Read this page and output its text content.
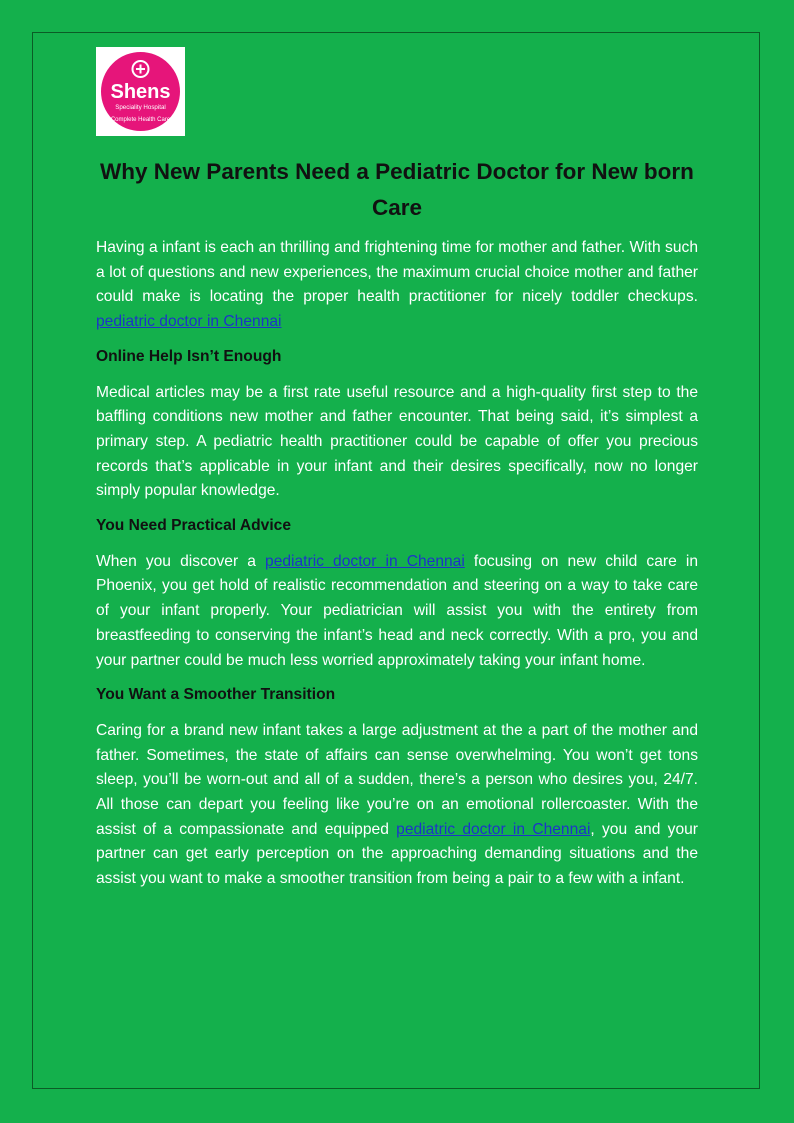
Shens
Speciality Hospital
Complete Health Care
Why New Parents Need a Pediatric Doctor for New born Care

Having a infant is each an thrilling and frightening time for mother and father. With such a lot of questions and new experiences, the maximum crucial choice mother and father could make is locating the proper health practitioner for nicely toddler checkups. pediatric doctor in Chennai

Online Help Isn’t Enough

Medical articles may be a first rate useful resource and a high-quality first step to the baffling conditions new mother and father encounter. That being said, it’s simplest a primary step. A pediatric health practitioner could be capable of offer you precious records that’s applicable in your infant and their desires specifically, now no longer simply popular knowledge.

You Need Practical Advice

When you discover a pediatric doctor in Chennai focusing on new child care in Phoenix, you get hold of realistic recommendation and steering on a way to take care of your infant properly. Your pediatrician will assist you with the entirety from breastfeeding to conserving the infant’s head and neck correctly. With a pro, you and your partner could be much less worried approximately taking your infant home.

You Want a Smoother Transition

Caring for a brand new infant takes a large adjustment at the a part of the mother and father. Sometimes, the state of affairs can sense overwhelming. You won’t get tons sleep, you’ll be worn-out and all of a sudden, there’s a person who desires you, 24/7. All those can depart you feeling like you’re on an emotional rollercoaster. With the assist of a compassionate and equipped pediatric doctor in Chennai, you and your partner can get early perception on the approaching demanding situations and the assist you want to make a smoother transition from being a pair to a few with a infant.
